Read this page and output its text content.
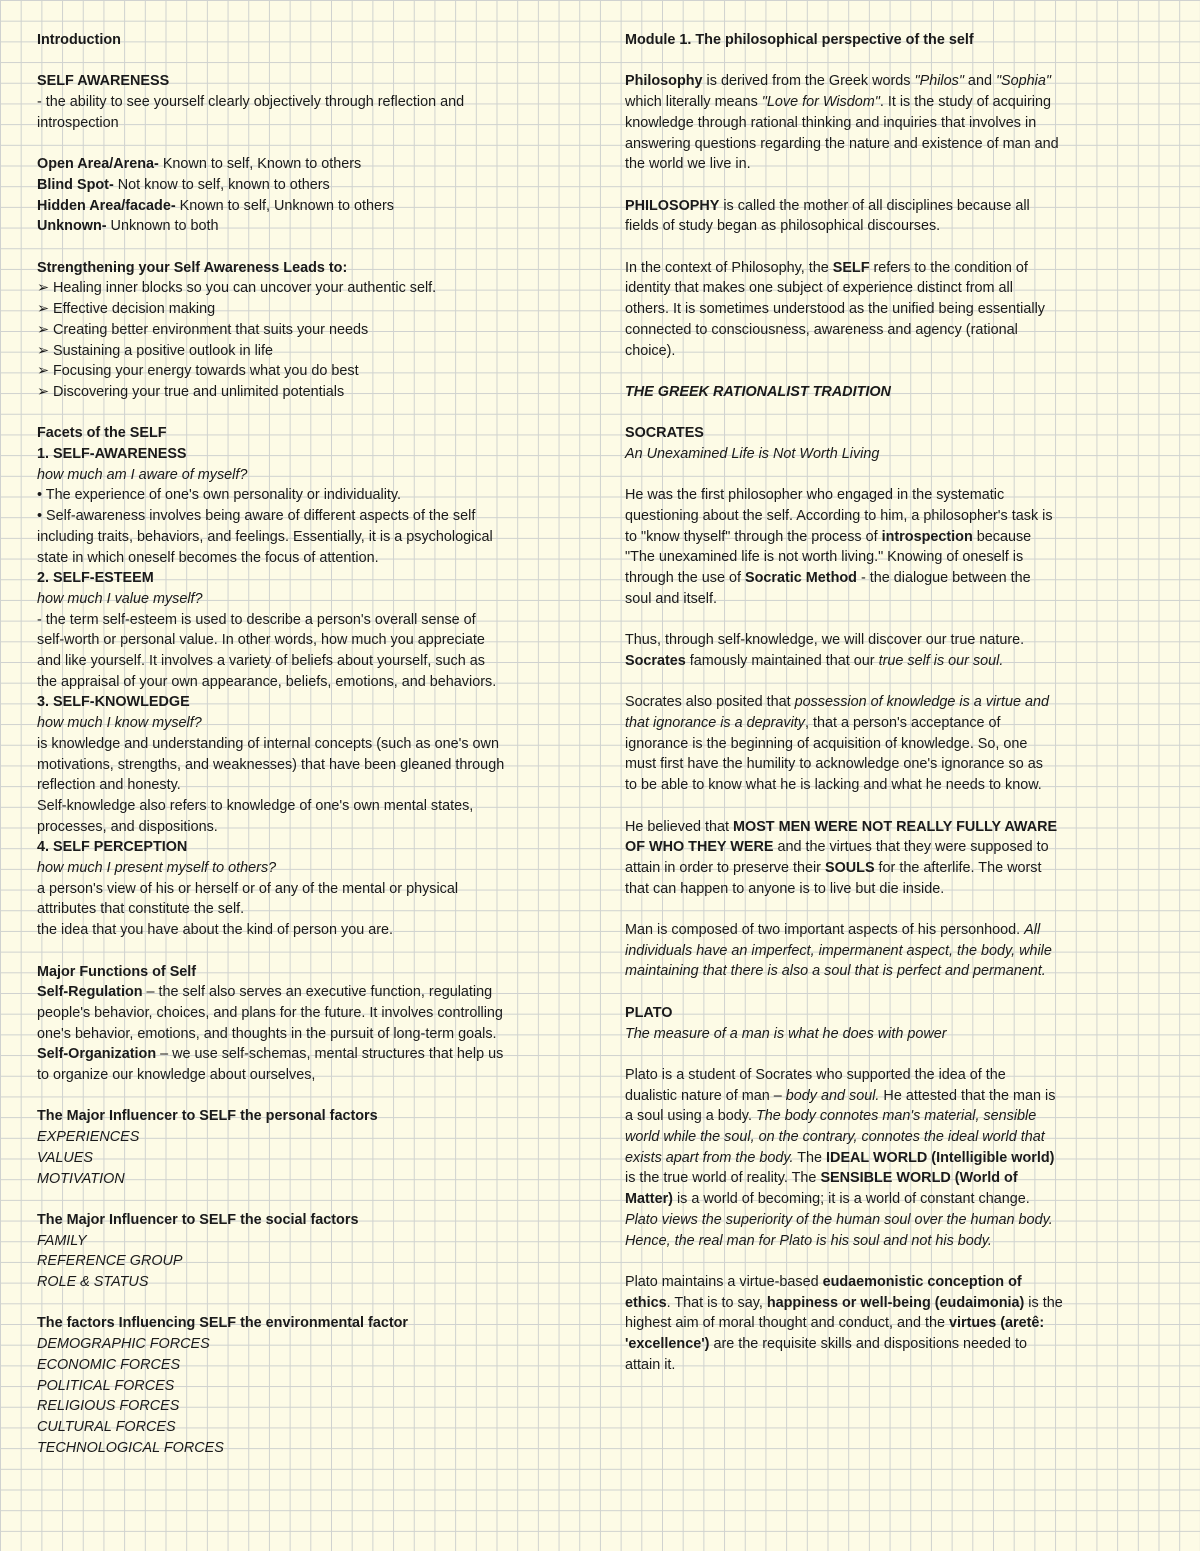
Introduction
SELF AWARENESS
- the ability to see yourself clearly objectively through reflection and
introspection
Open Area/Arena- Known to self, Known to others
Blind Spot- Not know to self, known to others
Hidden Area/facade- Known to self, Unknown to others
Unknown- Unknown to both
Strengthening your Self Awareness Leads to:
➢ Healing inner blocks so you can uncover your authentic self.
➢ Effective decision making
➢ Creating better environment that suits your needs
➢ Sustaining a positive outlook in life
➢ Focusing your energy towards what you do best
➢ Discovering your true and unlimited potentials
Facets of the SELF
1. SELF-AWARENESS
how much am I aware of myself?
• The experience of one's own personality or individuality.
• Self-awareness involves being aware of different aspects of the self
including traits, behaviors, and feelings. Essentially, it is a psychological
state in which oneself becomes the focus of attention.
2. SELF-ESTEEM
how much I value myself?
- the term self-esteem is used to describe a person's overall sense of
self-worth or personal value. In other words, how much you appreciate
and like yourself. It involves a variety of beliefs about yourself, such as
the appraisal of your own appearance, beliefs, emotions, and behaviors.
3. SELF-KNOWLEDGE
how much I know myself?
is knowledge and understanding of internal concepts (such as one's own
motivations, strengths, and weaknesses) that have been gleaned through
reflection and honesty.
Self-knowledge also refers to knowledge of one's own mental states,
processes, and dispositions.
4. SELF PERCEPTION
how much I present myself to others?
a person's view of his or herself or of any of the mental or physical
attributes that constitute the self.
the idea that you have about the kind of person you are.
Major Functions of Self
Self-Regulation – the self also serves an executive function, regulating
people's behavior, choices, and plans for the future. It involves controlling
one's behavior, emotions, and thoughts in the pursuit of long-term goals.
Self-Organization – we use self-schemas, mental structures that help us
to organize our knowledge about ourselves,
The Major Influencer to SELF the personal factors
EXPERIENCES
VALUES
MOTIVATION
The Major Influencer to SELF the social factors
FAMILY
REFERENCE GROUP
ROLE & STATUS
The factors Influencing SELF the environmental factor
DEMOGRAPHIC FORCES
ECONOMIC FORCES
POLITICAL FORCES
RELIGIOUS FORCES
CULTURAL FORCES
TECHNOLOGICAL FORCES
Module 1. The philosophical perspective of the self
Philosophy is derived from the Greek words "Philos" and "Sophia"
which literally means "Love for Wisdom". It is the study of acquiring
knowledge through rational thinking and inquiries that involves in
answering questions regarding the nature and existence of man and
the world we live in.
PHILOSOPHY is called the mother of all disciplines because all
fields of study began as philosophical discourses.
In the context of Philosophy, the SELF refers to the condition of
identity that makes one subject of experience distinct from all
others. It is sometimes understood as the unified being essentially
connected to consciousness, awareness and agency (rational
choice).
THE GREEK RATIONALIST TRADITION
SOCRATES
An Unexamined Life is Not Worth Living
He was the first philosopher who engaged in the systematic
questioning about the self. According to him, a philosopher's task is
to "know thyself" through the process of introspection because
"The unexamined life is not worth living." Knowing of oneself is
through the use of Socratic Method - the dialogue between the
soul and itself.
Thus, through self-knowledge, we will discover our true nature.
Socrates famously maintained that our true self is our soul.
Socrates also posited that possession of knowledge is a virtue and
that ignorance is a depravity, that a person's acceptance of
ignorance is the beginning of acquisition of knowledge. So, one
must first have the humility to acknowledge one's ignorance so as
to be able to know what he is lacking and what he needs to know.
He believed that MOST MEN WERE NOT REALLY FULLY AWARE
OF WHO THEY WERE and the virtues that they were supposed to
attain in order to preserve their SOULS for the afterlife. The worst
that can happen to anyone is to live but die inside.
Man is composed of two important aspects of his personhood. All
individuals have an imperfect, impermanent aspect, the body, while
maintaining that there is also a soul that is perfect and permanent.
PLATO
The measure of a man is what he does with power
Plato is a student of Socrates who supported the idea of the
dualistic nature of man – body and soul. He attested that the man is
a soul using a body. The body connotes man's material, sensible
world while the soul, on the contrary, connotes the ideal world that
exists apart from the body. The IDEAL WORLD (Intelligible world)
is the true world of reality. The SENSIBLE WORLD (World of
Matter) is a world of becoming; it is a world of constant change.
Plato views the superiority of the human soul over the human body.
Hence, the real man for Plato is his soul and not his body.
Plato maintains a virtue-based eudaemonistic conception of
ethics. That is to say, happiness or well-being (eudaimonia) is the
highest aim of moral thought and conduct, and the virtues (aretê:
'excellence') are the requisite skills and dispositions needed to
attain it.
